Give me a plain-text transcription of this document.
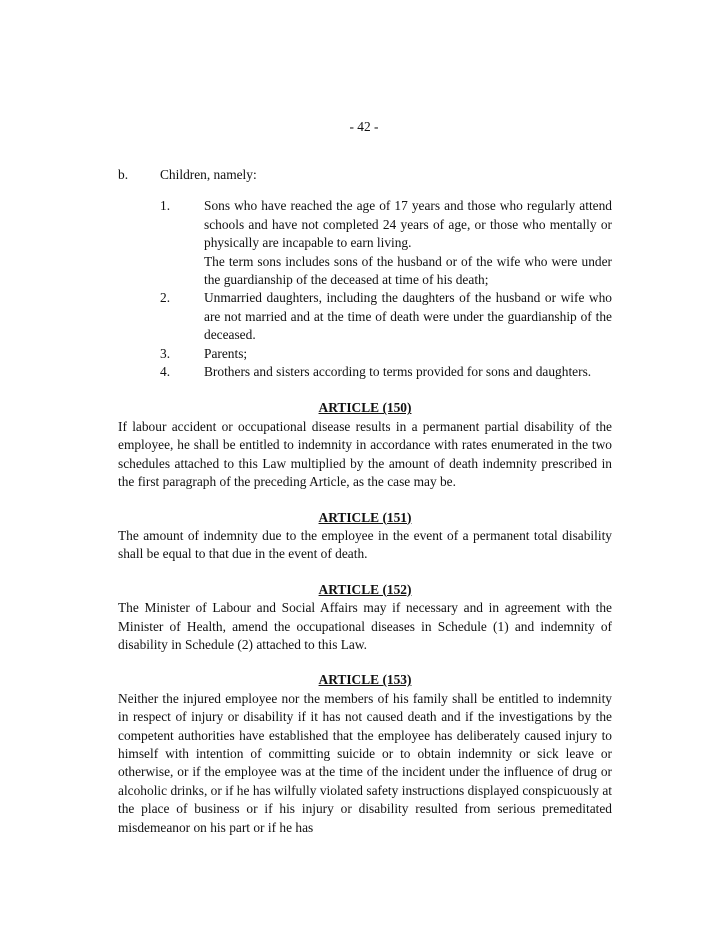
- 42 -
b. Children, namely:
1.	Sons who have reached the age of 17 years and those who regularly attend schools and have not completed 24 years of age, or those who mentally or physically are incapable to earn living.
The term sons includes sons of the husband or of the wife who were under the guardianship of the deceased at time of his death;
2.	Unmarried daughters, including the daughters of the husband or wife who are not married and at the time of death were under the guardianship of the deceased.
3.	Parents;
4.	Brothers and sisters according to terms provided for sons and daughters.
ARTICLE (150)
If labour accident or occupational disease results in a permanent partial disability of the employee, he shall be entitled to indemnity in accordance with rates enumerated in the two schedules attached to this Law multiplied by the amount of death indemnity prescribed in the first paragraph of the preceding Article, as the case may be.
ARTICLE (151)
The amount of indemnity due to the employee in the event of a permanent total disability shall be equal to that due in the event of death.
ARTICLE (152)
The Minister of Labour and Social Affairs may if necessary and in agreement with the Minister of Health, amend the occupational diseases in Schedule (1) and indemnity of disability in Schedule (2) attached to this Law.
ARTICLE (153)
Neither the injured employee nor the members of his family shall be entitled to indemnity in respect of injury or disability if it has not caused death and if the investigations by the competent authorities have established that the employee has deliberately caused injury to himself with intention of committing suicide or to obtain indemnity or sick leave or otherwise, or if the employee was at the time of the incident under the influence of drug or alcoholic drinks, or if he has wilfully violated safety instructions displayed conspicuously at the place of business or if his injury or disability resulted from serious premeditated misdemeanor on his part or if he has
